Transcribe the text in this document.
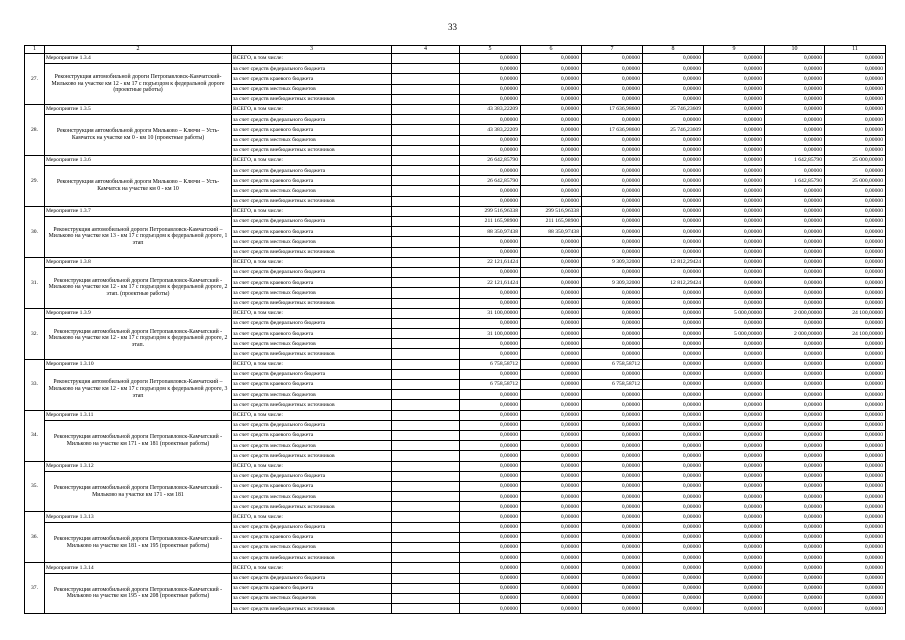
33
1	2	3	4	5	6	7	8	9	10	11
27.	Мероприятие 1.3.4	ВСЕГО, в том числе:		0,00000	0,00000	0,00000	0,00000	0,00000	0,00000	0,00000
	Реконструкция автомобильной дороги Петропавловск-Камчатский-Мильково на участке км 12 - км 17 с подъездом к федеральной дороге (проектные работы)	за счет средств федерального бюджета		0,00000	0,00000	0,00000	0,00000	0,00000	0,00000	0,00000
		за счет средств краевого бюджета		0,00000	0,00000	0,00000	0,00000	0,00000	0,00000	0,00000
		за счет средств местных бюджетов		0,00000	0,00000	0,00000	0,00000	0,00000	0,00000	0,00000
		за счет средств внебюджетных источников		0,00000	0,00000	0,00000	0,00000	0,00000	0,00000	0,00000
28.	Мероприятие 1.3.5	ВСЕГО, в том числе:		43 383,22209	0,00000	17 636,98600	25 746,23609	0,00000	0,00000	0,00000
	Реконструкция автомобильной дороги Мильково – Ключи – Усть-Камчатск на участке км 0 - км 10 (проектные работы)	за счет средств федерального бюджета		0,00000	0,00000	0,00000	0,00000	0,00000	0,00000	0,00000
		за счет средств краевого бюджета		43 383,22209	0,00000	17 636,98600	25 746,23609	0,00000	0,00000	0,00000
		за счет средств местных бюджетов		0,00000	0,00000	0,00000	0,00000	0,00000	0,00000	0,00000
		за счет средств внебюджетных источников		0,00000	0,00000	0,00000	0,00000	0,00000	0,00000	0,00000
29.	Мероприятие 1.3.6	ВСЕГО, в том числе:		26 642,85790	0,00000	0,00000	0,00000	0,00000	1 642,85790	25 000,00000
	Реконструкция автомобильной дороги Мильково – Ключи – Усть-Камчатск на участке км 0 - км 10	за счет средств федерального бюджета		0,00000	0,00000	0,00000	0,00000	0,00000	0,00000	0,00000
		за счет средств краевого бюджета		26 642,85790	0,00000	0,00000	0,00000	0,00000	1 642,85790	25 000,00000
		за счет средств местных бюджетов		0,00000	0,00000	0,00000	0,00000	0,00000	0,00000	0,00000
		за счет средств внебюджетных источников		0,00000	0,00000	0,00000	0,00000	0,00000	0,00000	0,00000
30.	Мероприятие 1.3.7	ВСЕГО, в том числе:		299 516,96338	299 516,96338	0,00000	0,00000	0,00000	0,00000	0,00000
	Реконструкция автомобильной дороги Петропавловск-Камчатский – Мильково на участке км 13 - км 17 с подъездом к федеральной дороге, 1 этап	за счет средств федерального бюджета		211 165,98900	211 165,98900	0,00000	0,00000	0,00000	0,00000	0,00000
		за счет средств краевого бюджета		88 350,97438	88 350,97438	0,00000	0,00000	0,00000	0,00000	0,00000
		за счет средств местных бюджетов		0,00000	0,00000	0,00000	0,00000	0,00000	0,00000	0,00000
		за счет средств внебюджетных источников		0,00000	0,00000	0,00000	0,00000	0,00000	0,00000	0,00000
31.	Мероприятие 1.3.8	ВСЕГО, в том числе:		22 121,61424	0,00000	9 309,32000	12 812,29424	0,00000	0,00000	0,00000
	Реконструкция автомобильной дороги Петропавловск-Камчатский - Мильково на участке км 12 - км 17 с подъездом к федеральной дороге, 2 этап. (проектные работы)	за счет средств федерального бюджета		0,00000	0,00000	0,00000	0,00000	0,00000	0,00000	0,00000
		за счет средств краевого бюджета		22 121,61424	0,00000	9 309,32000	12 812,29424	0,00000	0,00000	0,00000
		за счет средств местных бюджетов		0,00000	0,00000	0,00000	0,00000	0,00000	0,00000	0,00000
		за счет средств внебюджетных источников		0,00000	0,00000	0,00000	0,00000	0,00000	0,00000	0,00000
32.	Мероприятие 1.3.9	ВСЕГО, в том числе:		31 100,00000	0,00000	0,00000	0,00000	5 000,00000	2 000,00000	24 100,00000
	Реконструкция автомобильной дороги Петропавловск-Камчатский - Мильково на участке км 12 - км 17 с подъездом к федеральной дороге, 2 этап.	за счет средств федерального бюджета		0,00000	0,00000	0,00000	0,00000	0,00000	0,00000	0,00000
		за счет средств краевого бюджета		31 100,00000	0,00000	0,00000	0,00000	5 000,00000	2 000,00000	24 100,00000
		за счет средств местных бюджетов		0,00000	0,00000	0,00000	0,00000	0,00000	0,00000	0,00000
		за счет средств внебюджетных источников		0,00000	0,00000	0,00000	0,00000	0,00000	0,00000	0,00000
33.	Мероприятие 1.3.10	ВСЕГО, в том числе:		6 758,58712	0,00000	6 758,58712	0,00000	0,00000	0,00000	0,00000
	Реконструкция автомобильной дороги Петропавловск-Камчатский – Мильково на участке км 12 - км 17 с подъездом к федеральной дороге, 3 этап	за счет средств федерального бюджета		0,00000	0,00000	0,00000	0,00000	0,00000	0,00000	0,00000
		за счет средств краевого бюджета		6 758,58712	0,00000	6 758,58712	0,00000	0,00000	0,00000	0,00000
		за счет средств местных бюджетов		0,00000	0,00000	0,00000	0,00000	0,00000	0,00000	0,00000
		за счет средств внебюджетных источников		0,00000	0,00000	0,00000	0,00000	0,00000	0,00000	0,00000
34.	Мероприятие 1.3.11	ВСЕГО, в том числе:		0,00000	0,00000	0,00000	0,00000	0,00000	0,00000	0,00000
	Реконструкция автомобильной дороги Петропавловск-Камчатский - Мильково на участке км 171 - км 181 (проектные работы)	за счет средств федерального бюджета		0,00000	0,00000	0,00000	0,00000	0,00000	0,00000	0,00000
		за счет средств краевого бюджета		0,00000	0,00000	0,00000	0,00000	0,00000	0,00000	0,00000
		за счет средств местных бюджетов		0,00000	0,00000	0,00000	0,00000	0,00000	0,00000	0,00000
		за счет средств внебюджетных источников		0,00000	0,00000	0,00000	0,00000	0,00000	0,00000	0,00000
35.	Мероприятие 1.3.12	ВСЕГО, в том числе:		0,00000	0,00000	0,00000	0,00000	0,00000	0,00000	0,00000
	Реконструкция автомобильной дороги Петропавловск-Камчатский - Мильково на участке км 171 - км 181	за счет средств федерального бюджета		0,00000	0,00000	0,00000	0,00000	0,00000	0,00000	0,00000
		за счет средств краевого бюджета		0,00000	0,00000	0,00000	0,00000	0,00000	0,00000	0,00000
		за счет средств местных бюджетов		0,00000	0,00000	0,00000	0,00000	0,00000	0,00000	0,00000
		за счет средств внебюджетных источников		0,00000	0,00000	0,00000	0,00000	0,00000	0,00000	0,00000
36.	Мероприятие 1.3.13	ВСЕГО, в том числе:		0,00000	0,00000	0,00000	0,00000	0,00000	0,00000	0,00000
	Реконструкция автомобильной дороги Петропавловск-Камчатский - Мильково на участке км 181 - км 195 (проектные работы)	за счет средств федерального бюджета		0,00000	0,00000	0,00000	0,00000	0,00000	0,00000	0,00000
		за счет средств краевого бюджета		0,00000	0,00000	0,00000	0,00000	0,00000	0,00000	0,00000
		за счет средств местных бюджетов		0,00000	0,00000	0,00000	0,00000	0,00000	0,00000	0,00000
		за счет средств внебюджетных источников		0,00000	0,00000	0,00000	0,00000	0,00000	0,00000	0,00000
37.	Мероприятие 1.3.14	ВСЕГО, в том числе:		0,00000	0,00000	0,00000	0,00000	0,00000	0,00000	0,00000
	Реконструкция автомобильной дороги Петропавловск-Камчатский - Мильково на участке км 195 - км 208 (проектные работы)	за счет средств федерального бюджета		0,00000	0,00000	0,00000	0,00000	0,00000	0,00000	0,00000
		за счет средств краевого бюджета		0,00000	0,00000	0,00000	0,00000	0,00000	0,00000	0,00000
		за счет средств местных бюджетов		0,00000	0,00000	0,00000	0,00000	0,00000	0,00000	0,00000
		за счет средств внебюджетных источников		0,00000	0,00000	0,00000	0,00000	0,00000	0,00000	0,00000
